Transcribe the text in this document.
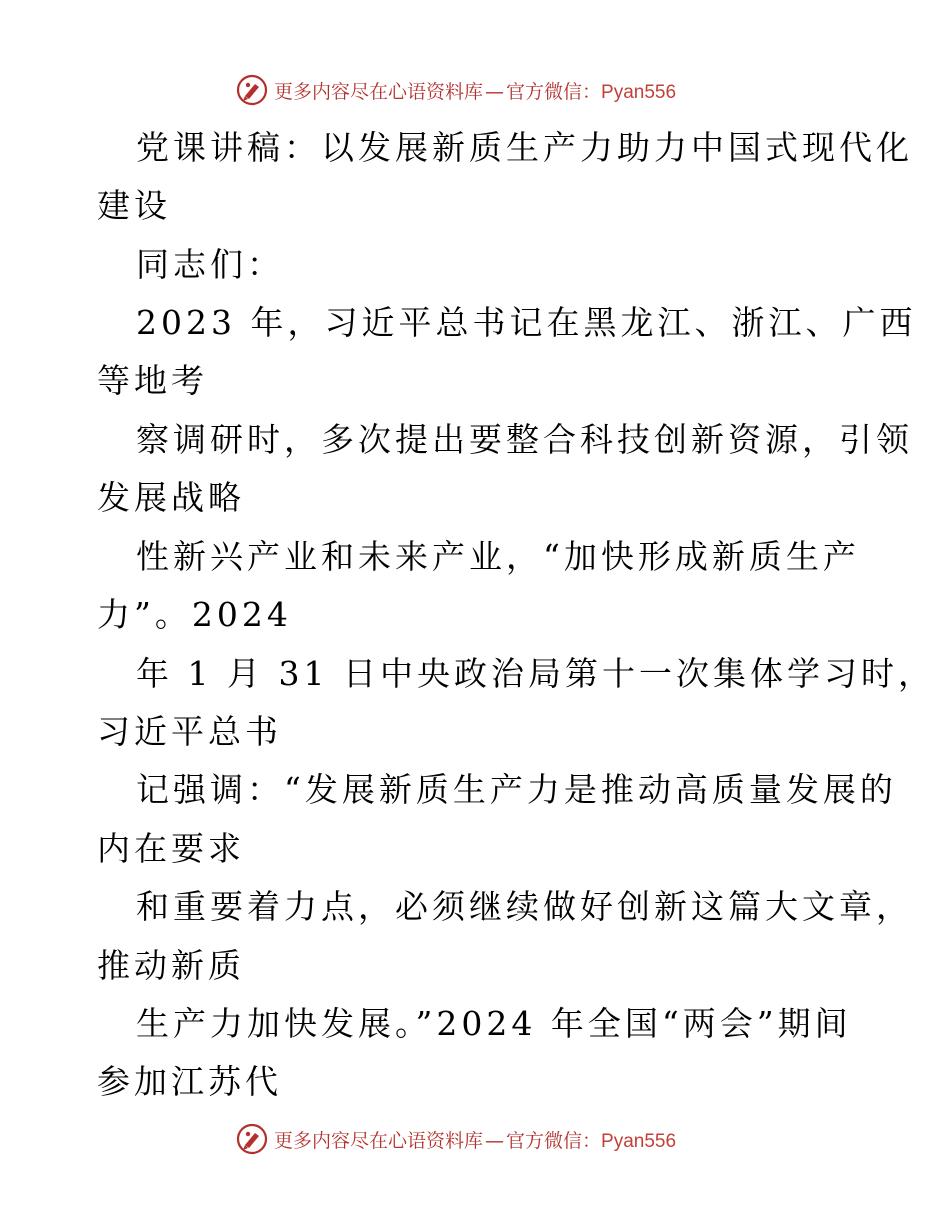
更多内容尽在心语资料库 — 官方微信：Pyan556
党课讲稿：以发展新质生产力助力中国式现代化
建设
同志们：
2023 年，习近平总书记在黑龙江、浙江、广西
等地考
察调研时，多次提出要整合科技创新资源，引领
发展战略
性新兴产业和未来产业，“加快形成新质生产
力”。2024
年 1 月 31 日中央政治局第十一次集体学习时，
习近平总书
记强调：“发展新质生产力是推动高质量发展的
内在要求
和重要着力点，必须继续做好创新这篇大文章，
推动新质
生产力加快发展。”2024 年全国“两会”期间
参加江苏代
更多内容尽在心语资料库 — 官方微信：Pyan556
